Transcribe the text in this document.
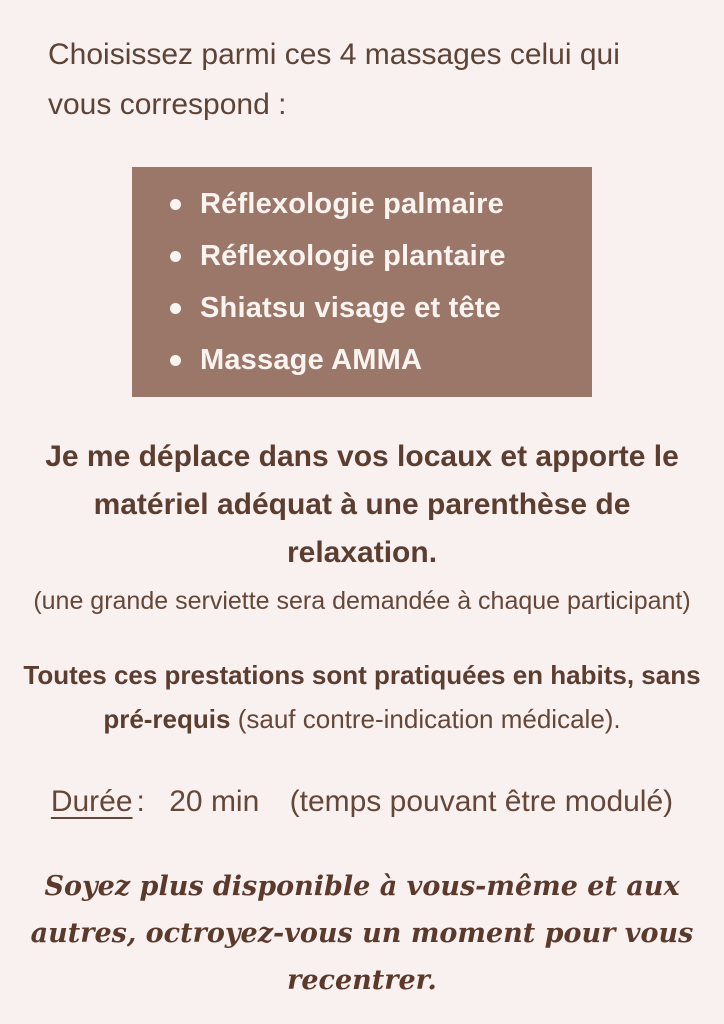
Choisissez parmi ces 4 massages celui qui vous correspond :

Réflexologie palmaire
Réflexologie plantaire
Shiatsu visage et tête
Massage AMMA

Je me déplace dans vos locaux et apporte le matériel adéquat à une parenthèse de relaxation.

(une grande serviette sera demandée à chaque participant)

Toutes ces prestations sont pratiquées en habits, sans pré-requis (sauf contre-indication médicale).

Durée : 20 min (temps pouvant être modulé)

Soyez plus disponible à vous-même et aux autres, octroyez-vous un moment pour vous recentrer.
